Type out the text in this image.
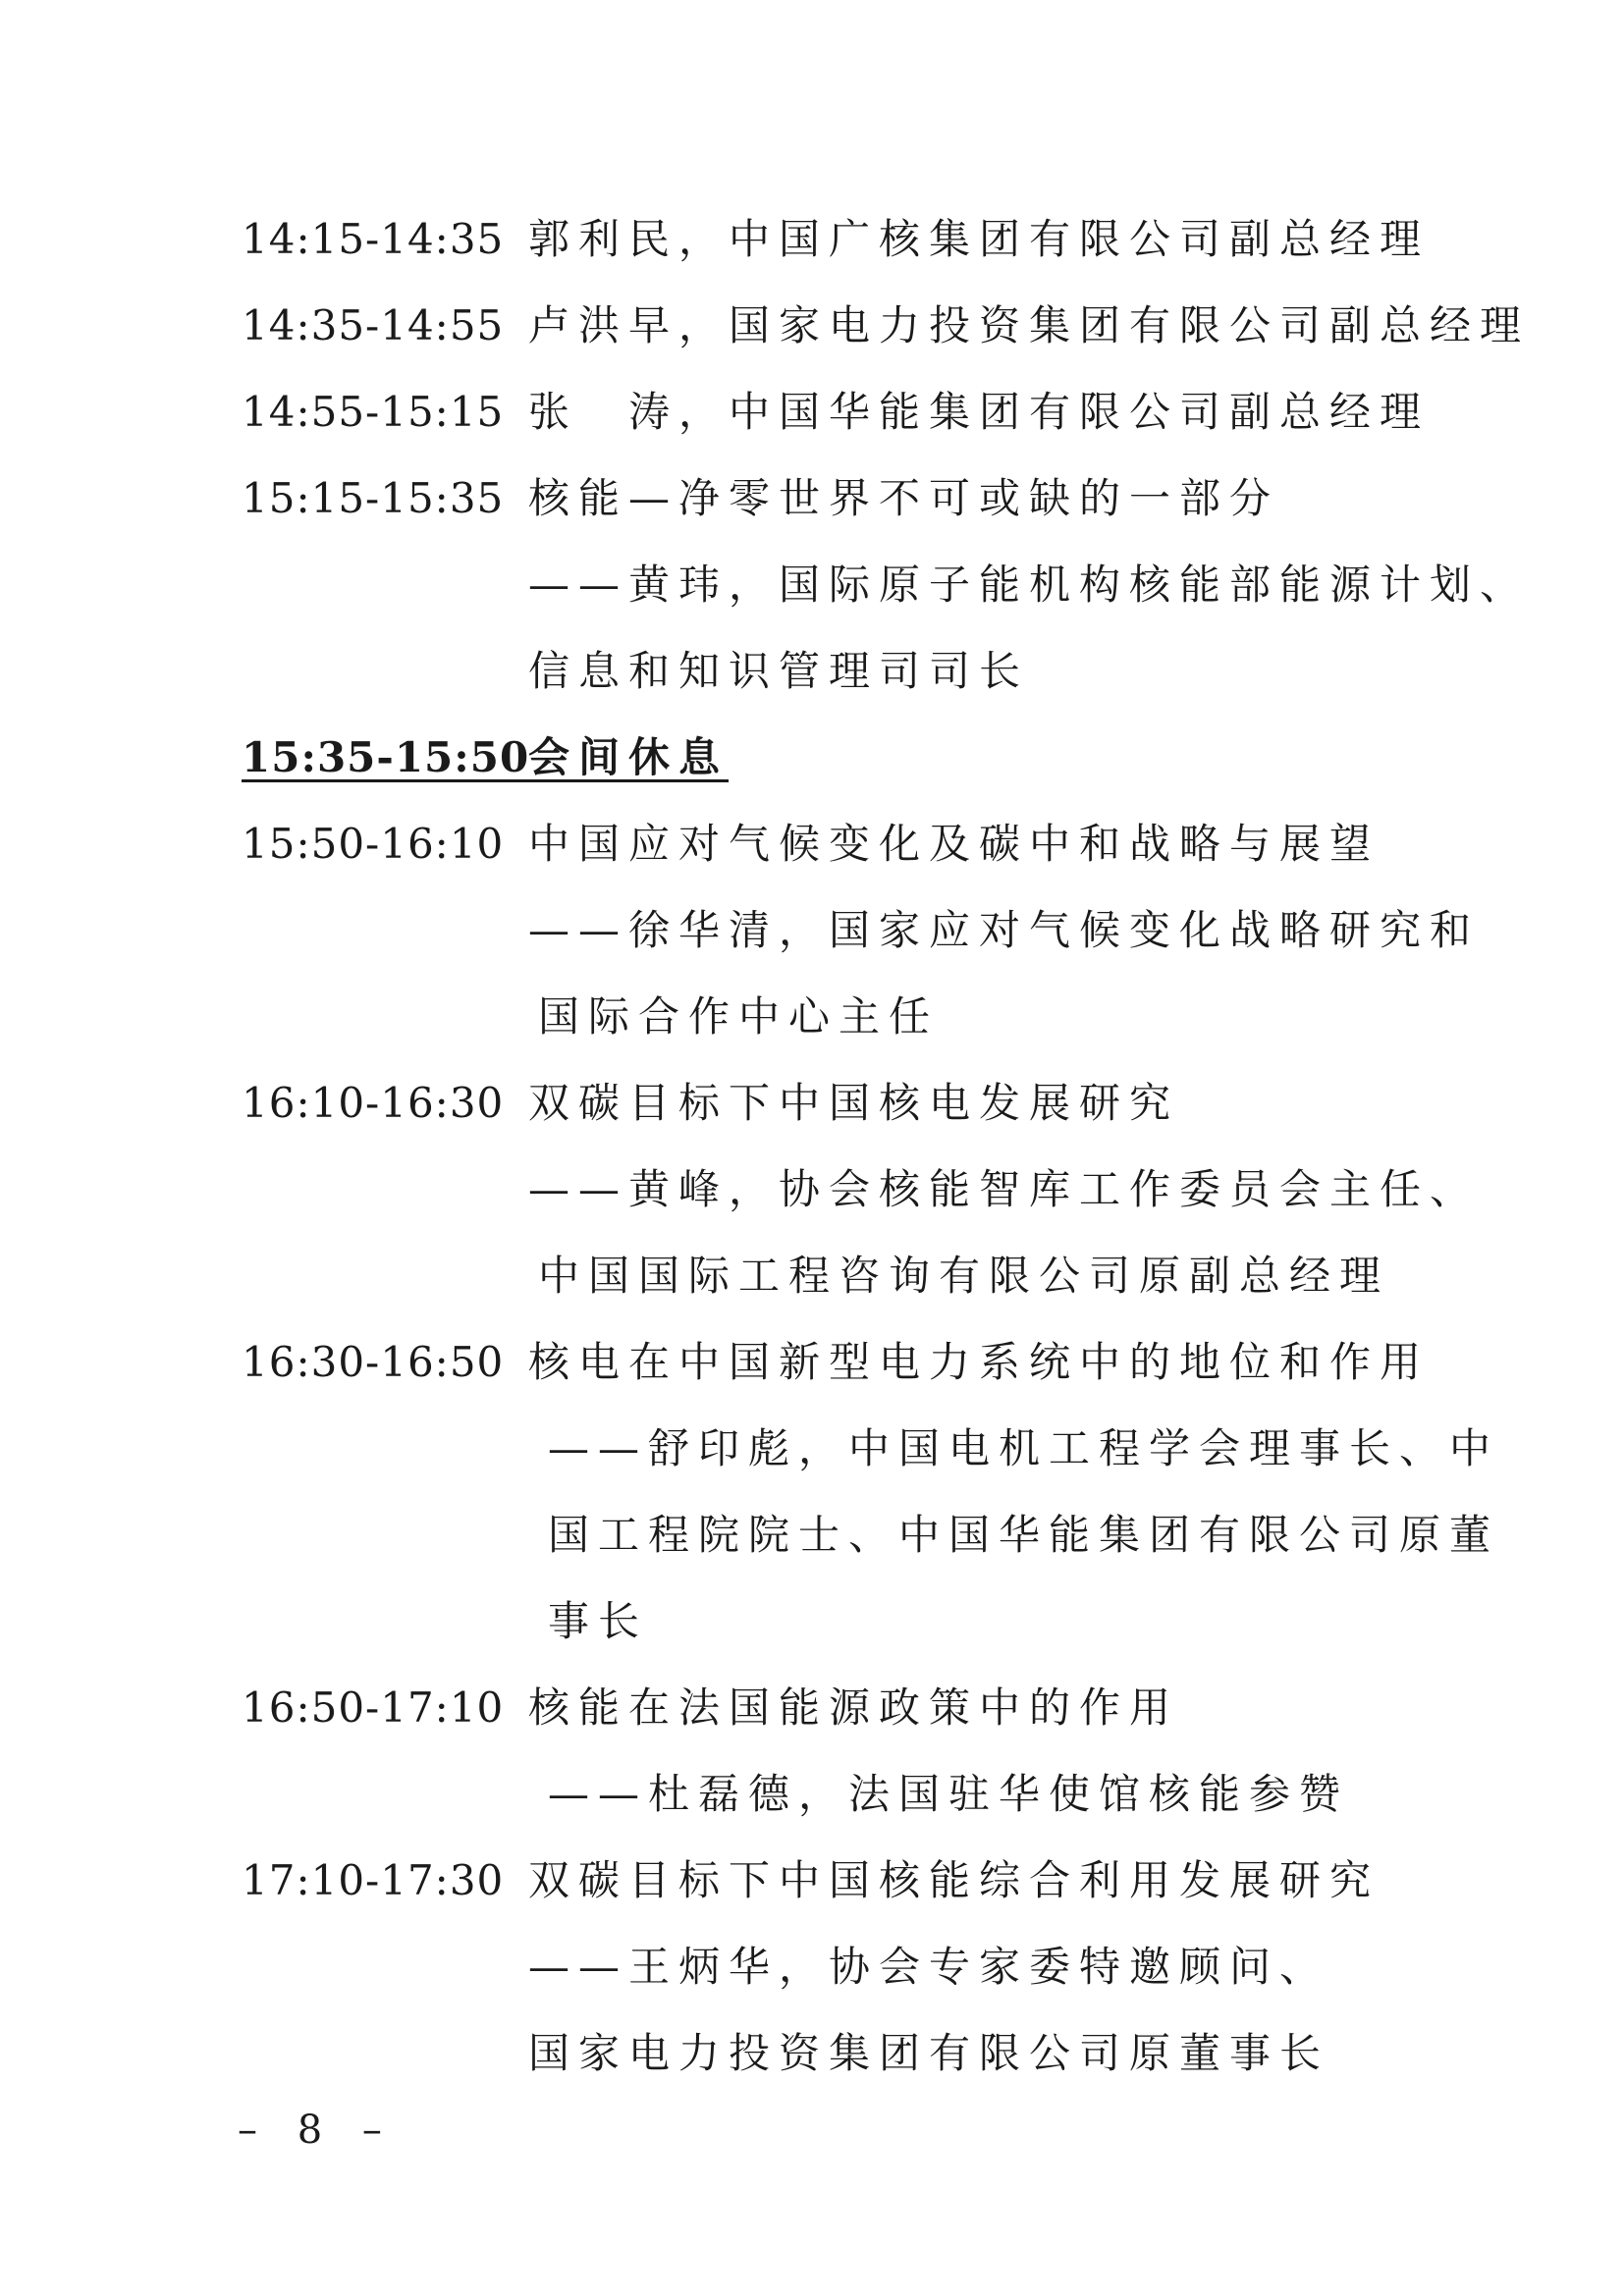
14:15-14:35 郭利民，中国广核集团有限公司副总经理
14:35-14:55 卢洪早，国家电力投资集团有限公司副总经理
14:55-15:15 张　涛，中国华能集团有限公司副总经理
15:15-15:35 核能—净零世界不可或缺的一部分
——黄玮，国际原子能机构核能部能源计划、
信息和知识管理司司长
15:35-15:50
会间休息
15:50-16:10 中国应对气候变化及碳中和战略与展望
——徐华清，国家应对气候变化战略研究和
国际合作中心主任
16:10-16:30 双碳目标下中国核电发展研究
——黄峰，协会核能智库工作委员会主任、
中国国际工程咨询有限公司原副总经理
16:30-16:50 核电在中国新型电力系统中的地位和作用
——舒印彪，中国电机工程学会理事长、中
国工程院院士、中国华能集团有限公司原董
事长
16:50-17:10 核能在法国能源政策中的作用
——杜磊德，法国驻华使馆核能参赞
17:10-17:30 双碳目标下中国核能综合利用发展研究
——王炳华，协会专家委特邀顾问、
国家电力投资集团有限公司原董事长
– 8 –
